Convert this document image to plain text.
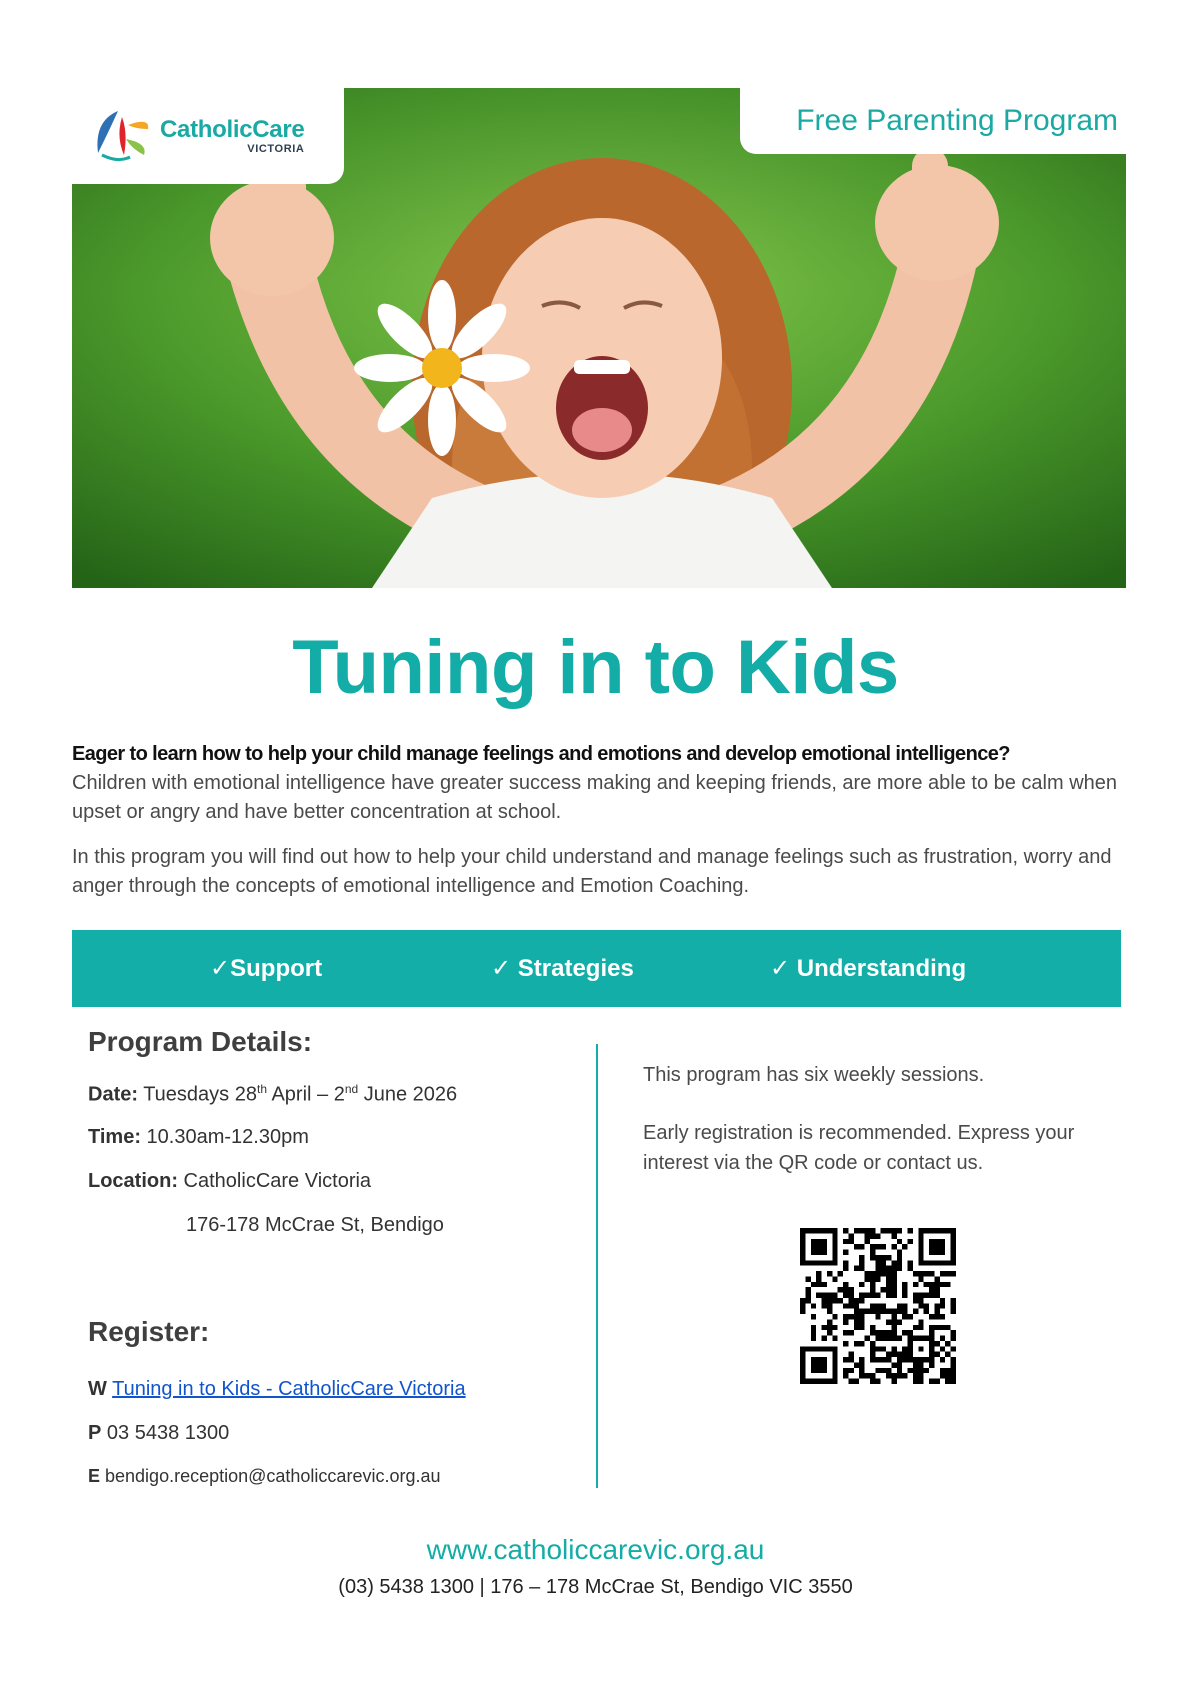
CatholicCare
VICTORIA
Free Parenting Program
Tuning in to Kids
Eager to learn how to help your child manage feelings and emotions and develop emotional intelligence?

Children with emotional intelligence have greater success making and keeping friends, are more able to be calm when upset or angry and have better concentration at school.

In this program you will find out how to help your child understand and manage feelings such as frustration, worry and anger through the concepts of emotional intelligence and Emotion Coaching.

✓Support	✓ Strategies	✓ Understanding
Program Details:
Date: Tuesdays 28th April – 2nd June 2026
Time: 10.30am-12.30pm
Location: CatholicCare Victoria
176-178 McCrae St, Bendigo
Register:
W Tuning in to Kids - CatholicCare Victoria
P 03 5438 1300
E bendigo.reception@catholiccarevic.org.au

This program has six weekly sessions.

Early registration is recommended. Express your interest via the QR code or contact us.

www.catholiccarevic.org.au
(03) 5438 1300 | 176 – 178 McCrae St, Bendigo VIC 3550
